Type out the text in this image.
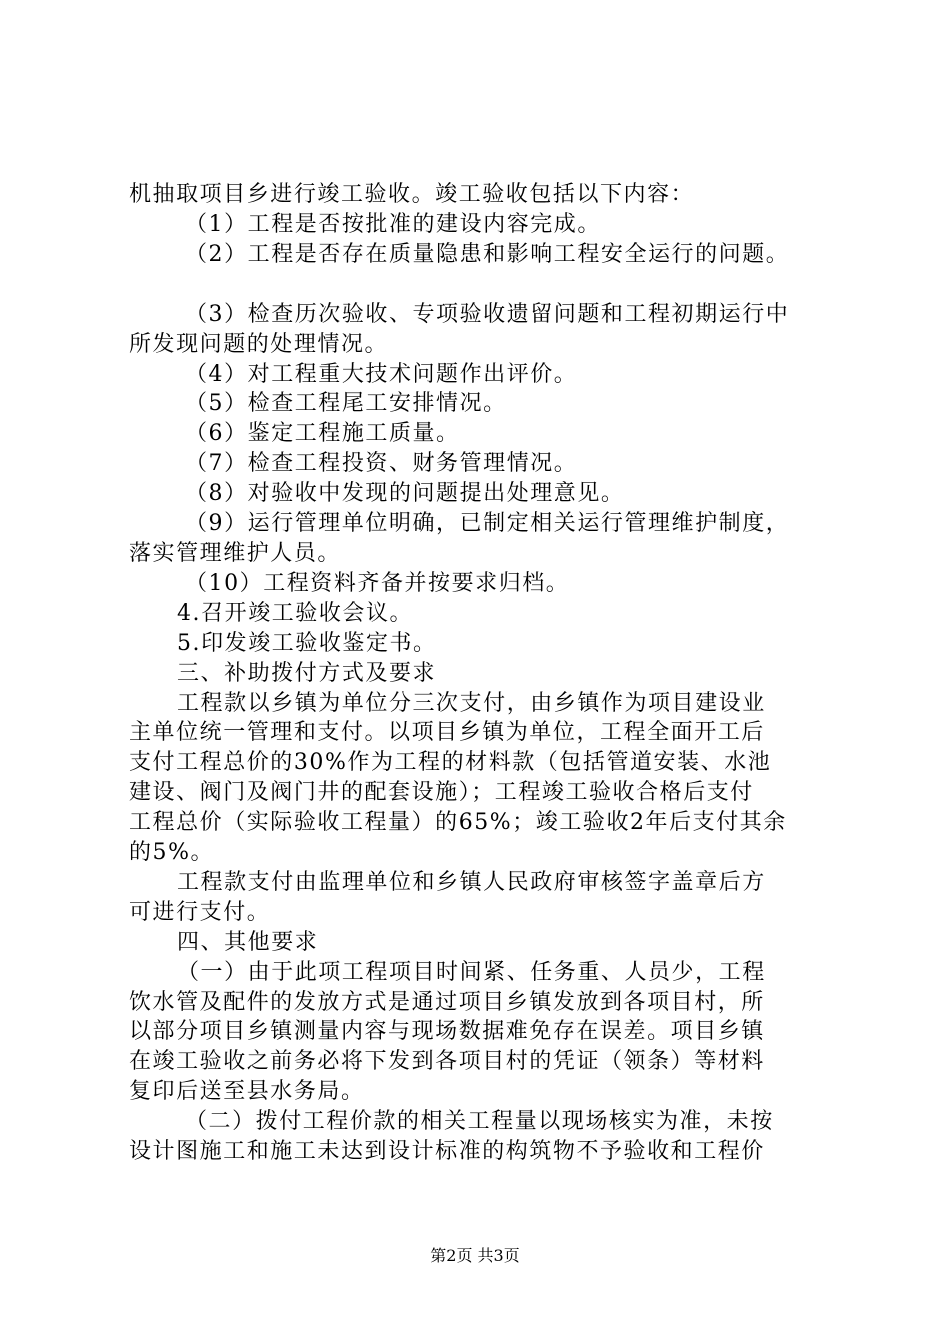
机抽取项目乡进行竣工验收。竣工验收包括以下内容：

（1）工程是否按批准的建设内容完成。

（2）工程是否存在质量隐患和影响工程安全运行的问题。

（3）检查历次验收、专项验收遗留问题和工程初期运行中

所发现问题的处理情况。

（4）对工程重大技术问题作出评价。

（5）检查工程尾工安排情况。

（6）鉴定工程施工质量。

（7）检查工程投资、财务管理情况。

（8）对验收中发现的问题提出处理意见。

（9）运行管理单位明确，已制定相关运行管理维护制度，

落实管理维护人员。

（10）工程资料齐备并按要求归档。

4.召开竣工验收会议。

5.印发竣工验收鉴定书。

三、补助拨付方式及要求

工程款以乡镇为单位分三次支付，由乡镇作为项目建设业

主单位统一管理和支付。以项目乡镇为单位，工程全面开工后

支付工程总价的30%作为工程的材料款（包括管道安装、水池

建设、阀门及阀门井的配套设施）；工程竣工验收合格后支付

工程总价（实际验收工程量）的65%；竣工验收2年后支付其余

的5%。

工程款支付由监理单位和乡镇人民政府审核签字盖章后方

可进行支付。

四、其他要求

（一）由于此项工程项目时间紧、任务重、人员少，工程

饮水管及配件的发放方式是通过项目乡镇发放到各项目村，所

以部分项目乡镇测量内容与现场数据难免存在误差。项目乡镇

在竣工验收之前务必将下发到各项目村的凭证（领条）等材料

复印后送至县水务局。

（二）拨付工程价款的相关工程量以现场核实为准，未按

设计图施工和施工未达到设计标准的构筑物不予验收和工程价

第2页 共3页
